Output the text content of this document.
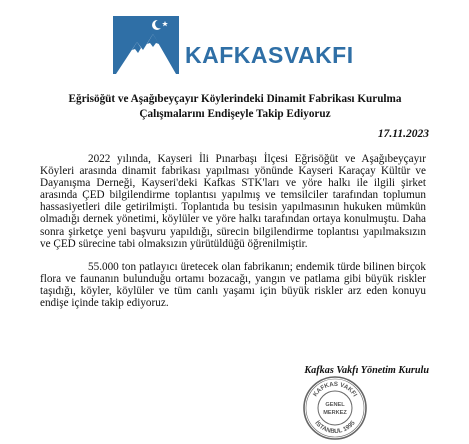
KAFKASVAKFI
Eğrisöğüt ve Aşağıbeyçayır Köylerindeki Dinamit Fabrikası Kurulma
Çalışmalarını Endişeyle Takip Ediyoruz
17.11.2023

2022 yılında, Kayseri İli Pınarbaşı İlçesi Eğrisöğüt ve Aşağıbeyçayır Köyleri arasında dinamit fabrikası yapılması yönünde Kayseri Karaçay Kültür ve Dayanışma Derneği, Kayseri'deki Kafkas STK'ları ve yöre halkı ile ilgili şirket arasında ÇED bilgilendirme toplantısı yapılmış ve temsilciler tarafından toplumun hassasiyetleri dile getirilmişti. Toplantıda bu tesisin yapılmasının hukuken mümkün olmadığı dernek yönetimi, köylüler ve yöre halkı tarafından ortaya konulmuştu. Daha sonra şirketçe yeni başvuru yapıldığı, sürecin bilgilendirme toplantısı yapılmaksızın ve ÇED sürecine tabi olmaksızın yürütüldüğü öğrenilmiştir.

55.000 ton patlayıcı üretecek olan fabrikanın; endemik türde bilinen birçok flora ve faunanın bulunduğu ortamı bozacağı, yangın ve patlama gibi büyük riskler taşıdığı, köyler, köylüler ve tüm canlı yaşamı için büyük riskler arz eden konuyu endişe içinde takip ediyoruz.

Kafkas Vakfı Yönetim Kurulu
KAFKAS VAKFI
İSTANBUL 1995
GENEL
MERKEZ
